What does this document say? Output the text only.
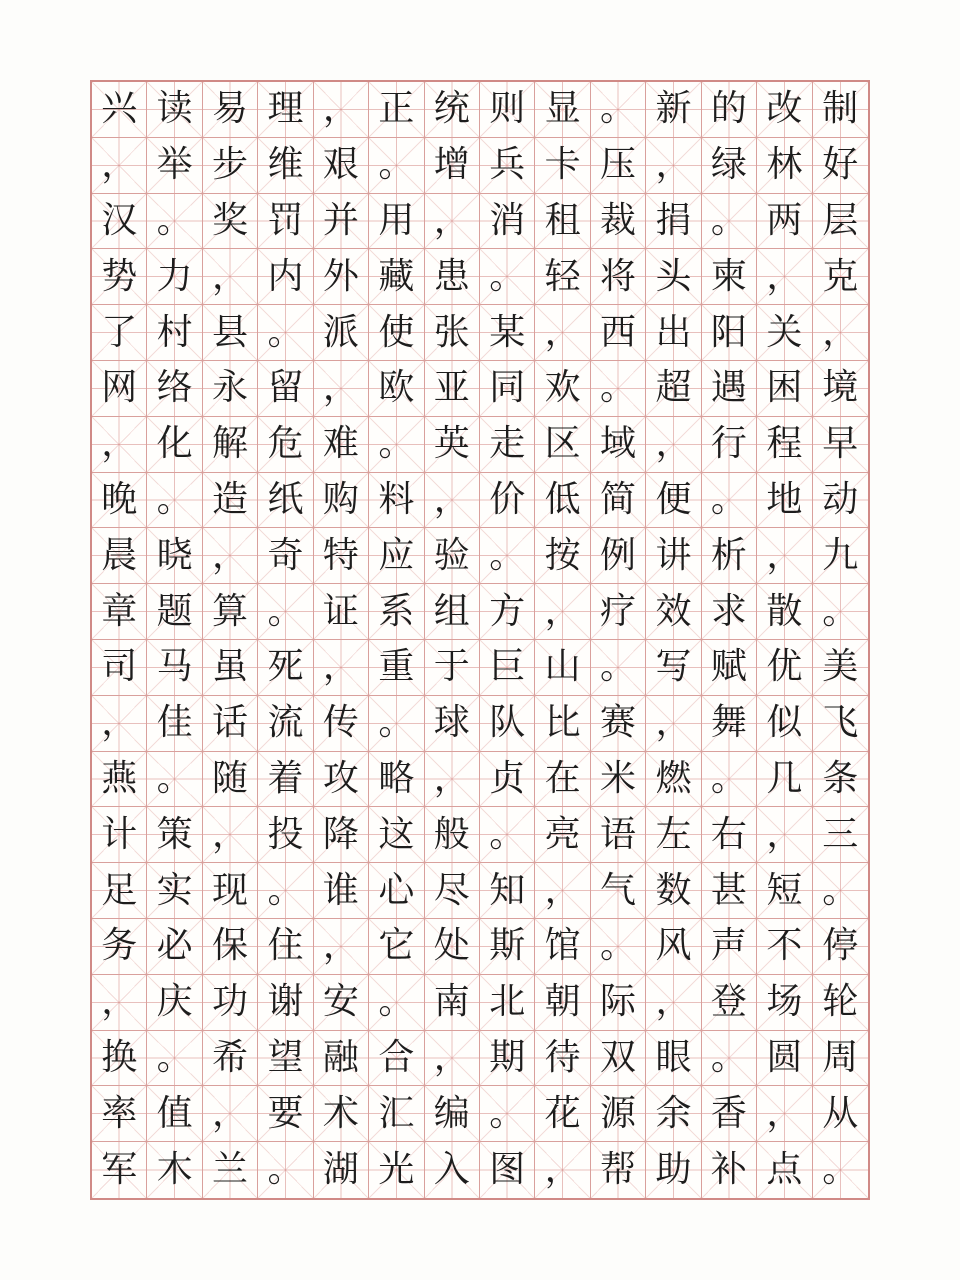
兴 读 易 理 ， 正 统 则 显 。 新 的 改 制
， 举 步 维 艰 。 增 兵 卡 压 ， 绿 林 好
汉 。 奖 罚 并 用 ， 消 租 裁 捐 。 两 层
势 力 ， 内 外 藏 患 。 轻 将 头 柬 ， 克
了 村 县 。 派 使 张 某 ， 西 出 阳 关 ，
网 络 永 留 ， 欧 亚 同 欢 。 超 遇 困 境
， 化 解 危 难 。 英 走 区 域 ， 行 程 早
晚 。 造 纸 购 料 ， 价 低 简 便 。 地 动
晨 晓 ， 奇 特 应 验 。 按 例 讲 析 ， 九
章 题 算 。 证 系 组 方 ， 疗 效 求 散 。
司 马 虽 死 ， 重 于 巨 山 。 写 赋 优 美
， 佳 话 流 传 。 球 队 比 赛 ， 舞 似 飞
燕 。 随 着 攻 略 ， 贞 在 米 燃 。 几 条
计 策 ， 投 降 这 般 。 亮 语 左 右 ， 三
足 实 现 。 谁 心 尽 知 ， 气 数 甚 短 。
务 必 保 住 ， 它 处 斯 馆 。 风 声 不 停
， 庆 功 谢 安 。 南 北 朝 际 ， 登 场 轮
换 。 希 望 融 合 ， 期 待 双 眼 。 圆 周
率 值 ， 要 术 汇 编 。 花 源 余 香 ， 从
军 木 兰 。 湖 光 入 图 ， 帮 助 补 点 。
